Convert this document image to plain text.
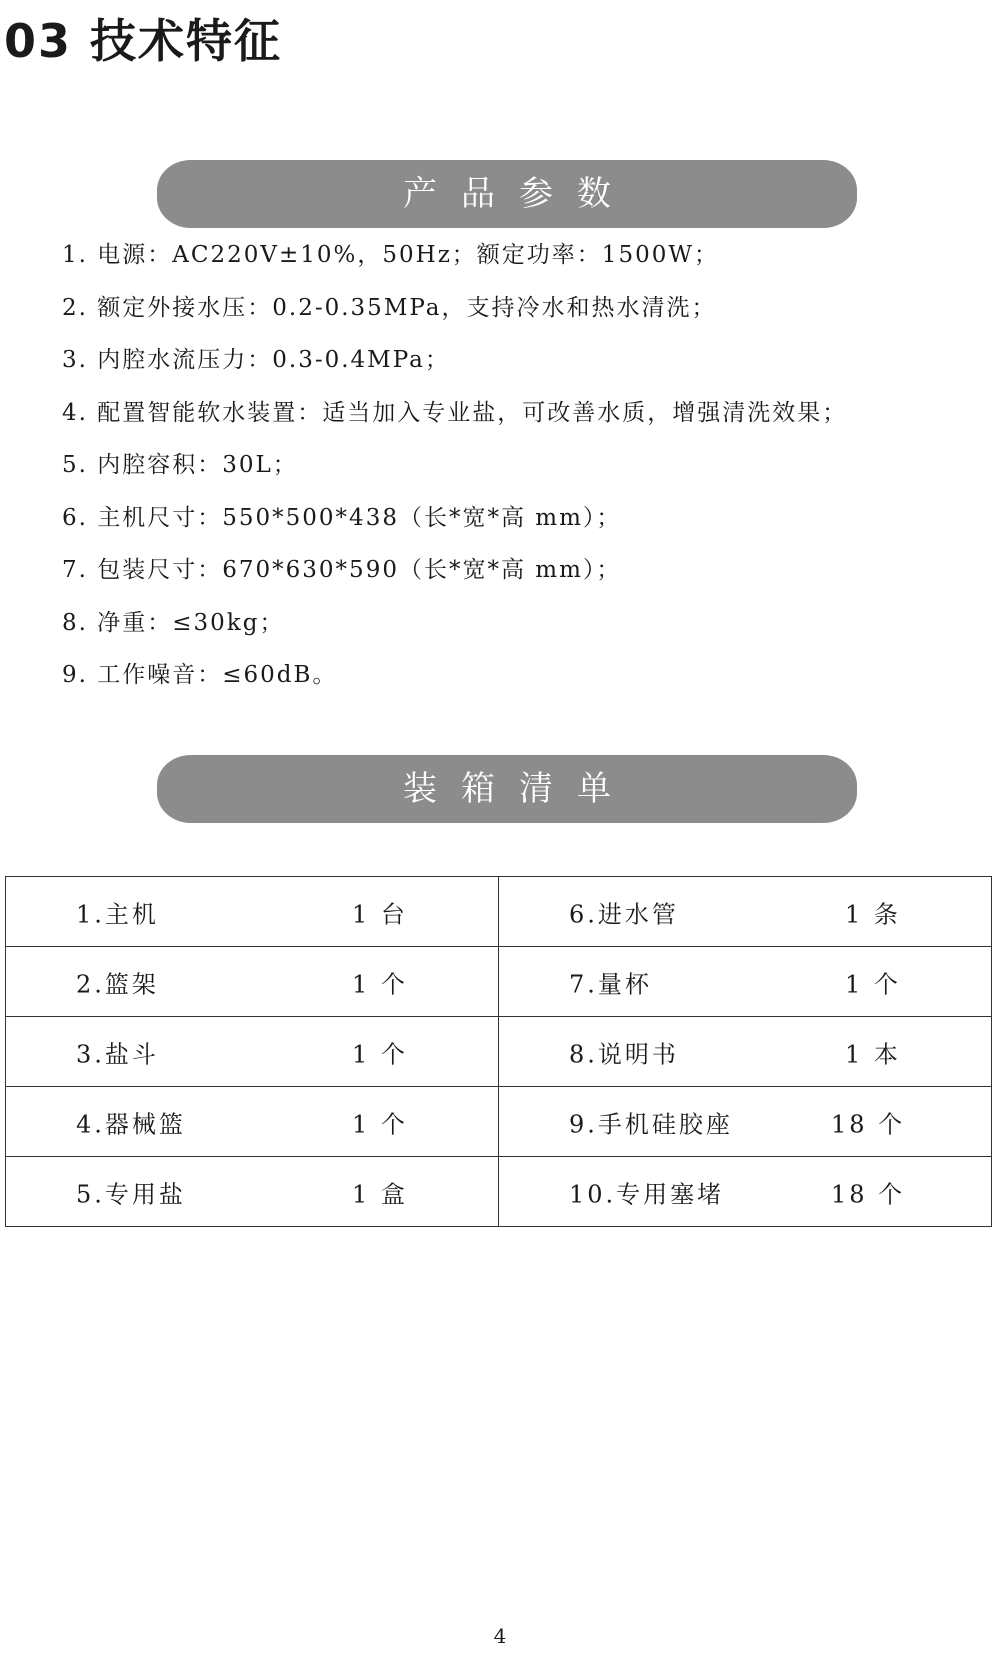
03 技术特征
产品参数
1. 电源：AC220V±10%，50Hz；额定功率：1500W；
2. 额定外接水压：0.2-0.35MPa，支持冷水和热水清洗；
3. 内腔水流压力：0.3-0.4MPa；
4. 配置智能软水装置：适当加入专业盐，可改善水质，增强清洗效果；
5. 内腔容积：30L；
6. 主机尺寸：550*500*438（长*宽*高 mm）；
7. 包装尺寸：670*630*590（长*宽*高 mm）；
8. 净重：≤30kg；
9. 工作噪音：≤60dB。
装箱清单
1.主机 1 台	6.进水管 1 条

2.篮架 1 个	7.量杯 1 个

3.盐斗 1 个	8.说明书 1 本

4.器械篮 1 个	9.手机硅胶座 18 个

5.专用盐 1 盒	10.专用塞堵 18 个
4
